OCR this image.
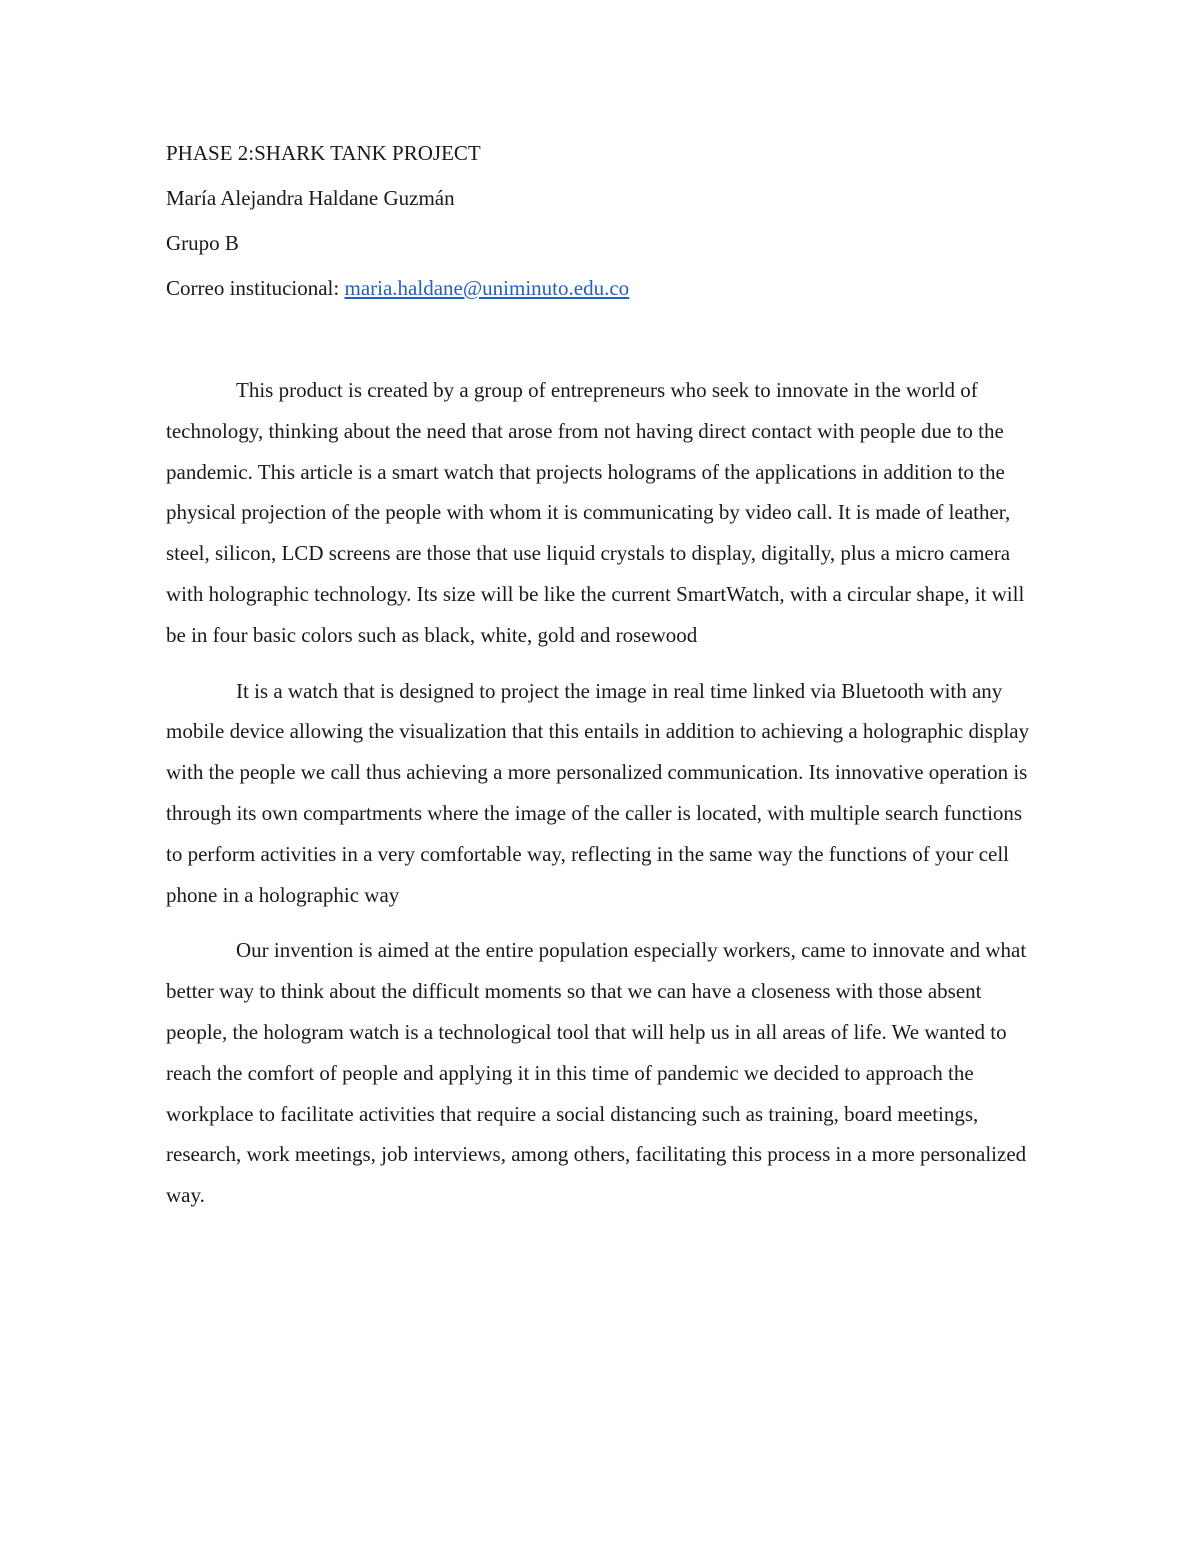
PHASE 2:SHARK TANK PROJECT
María Alejandra Haldane Guzmán
Grupo B
Correo institucional: maria.haldane@uniminuto.edu.co

This product is created by a group of entrepreneurs who seek to innovate in the world of technology, thinking about the need that arose from not having direct contact with people due to the pandemic. This article is a smart watch that projects holograms of the applications in addition to the physical projection of the people with whom it is communicating by video call. It is made of leather, steel, silicon, LCD screens are those that use liquid crystals to display, digitally, plus a micro camera with holographic technology. Its size will be like the current SmartWatch, with a circular shape, it will be in four basic colors such as black, white, gold and rosewood

It is a watch that is designed to project the image in real time linked via Bluetooth with any mobile device allowing the visualization that this entails in addition to achieving a holographic display with the people we call thus achieving a more personalized communication. Its innovative operation is through its own compartments where the image of the caller is located, with multiple search functions to perform activities in a very comfortable way, reflecting in the same way the functions of your cell phone in a holographic way

Our invention is aimed at the entire population especially workers, came to innovate and what better way to think about the difficult moments so that we can have a closeness with those absent people, the hologram watch is a technological tool that will help us in all areas of life. We wanted to reach the comfort of people and applying it in this time of pandemic we decided to approach the workplace to facilitate activities that require a social distancing such as training, board meetings, research, work meetings, job interviews, among others, facilitating this process in a more personalized way.
